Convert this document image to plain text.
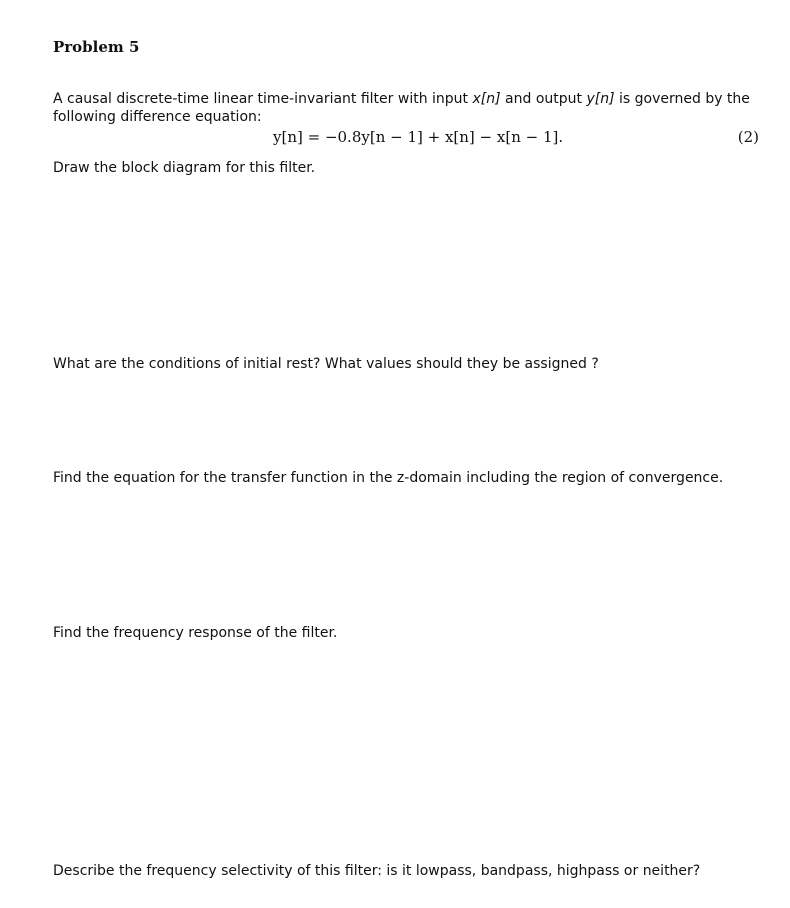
Problem 5
A causal discrete-time linear time-invariant filter with input x[n] and output y[n] is governed by the following difference equation:
y[n] = −0.8y[n − 1] + x[n] − x[n − 1].	(2)
Draw the block diagram for this filter.
What are the conditions of initial rest? What values should they be assigned ?
Find the equation for the transfer function in the z-domain including the region of convergence.
Find the frequency response of the filter.
Describe the frequency selectivity of this filter: is it lowpass, bandpass, highpass or neither?
